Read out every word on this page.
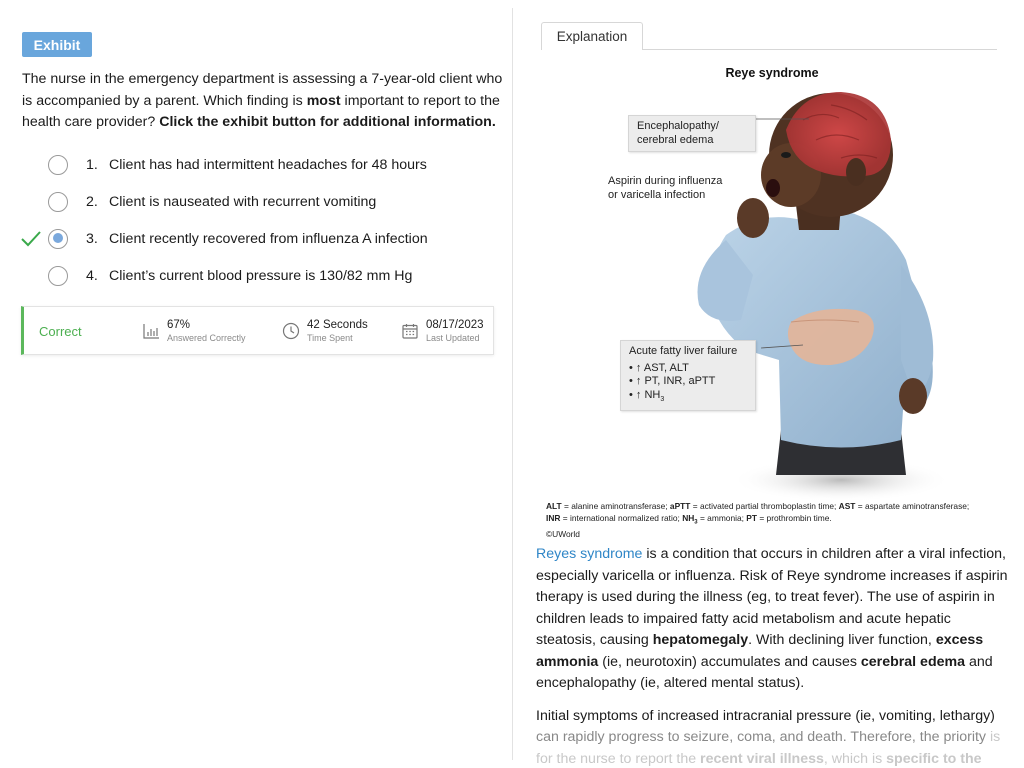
Exhibit
The nurse in the emergency department is assessing a 7-year-old client who is accompanied by a parent. Which finding is most important to report to the health care provider? Click the exhibit button for additional information.
1. Client has had intermittent headaches for 48 hours
2. Client is nauseated with recurrent vomiting
3. Client recently recovered from influenza A infection
4. Client’s current blood pressure is 130/82 mm Hg
Correct	67%
Answered Correctly
42 Seconds
Time Spent
08/17/2023
Last Updated
Explanation
Reye syndrome
Encephalopathy/
cerebral edema
Aspirin during influenza
or varicella infection
Acute fatty liver failure
• ↑ AST, ALT
• ↑ PT, INR, aPTT
• ↑ $NH_3$
ALT = alanine aminotransferase; aPTT = activated partial thromboplastin time; AST = aspartate aminotransferase;
INR = international normalized ratio; $NH_3$ = ammonia; PT = prothrombin time.
©UWorld

Reyes syndrome is a condition that occurs in children after a viral infection, especially varicella or influenza. Risk of Reye syndrome increases if aspirin therapy is used during the illness (eg, to treat fever). The use of aspirin in children leads to impaired fatty acid metabolism and acute hepatic steatosis, causing hepatomegaly. With declining liver function, excess ammonia (ie, neurotoxin) accumulates and causes cerebral edema and encephalopathy (ie, altered mental status).

Initial symptoms of increased intracranial pressure (ie, vomiting, lethargy) can rapidly progress to seizure, coma, and death. Therefore, the priority is for the nurse to report the recent viral illness, which is specific to the
